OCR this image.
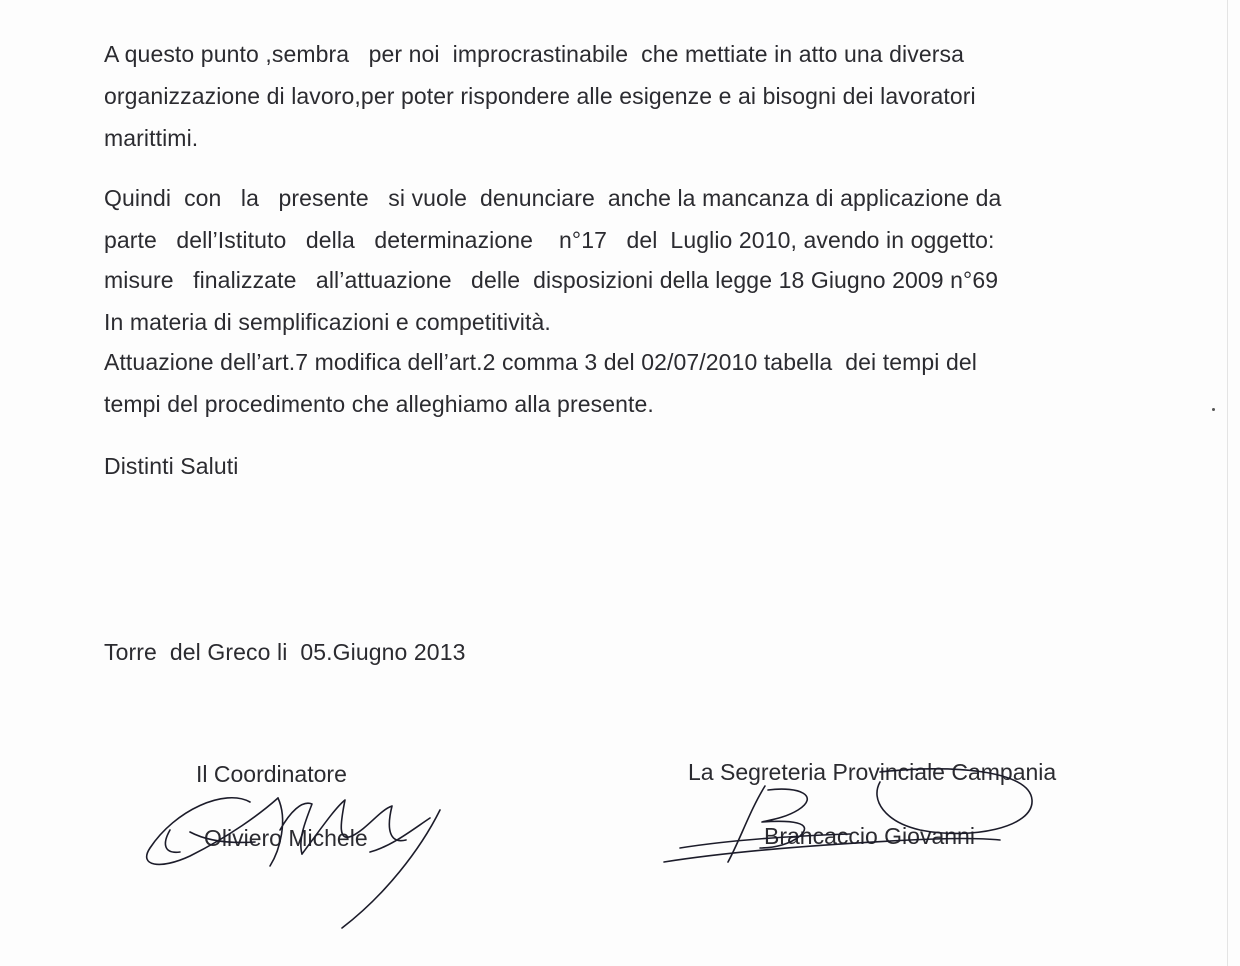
A questo punto ,sembra   per noi  improcrastinabile  che mettiate in atto una diversa
organizzazione di lavoro,per poter rispondere alle esigenze e ai bisogni dei lavoratori
marittimi.
Quindi  con   la   presente   si vuole  denunciare  anche la mancanza di applicazione da
parte   dell’Istituto   della   determinazione    n°17   del  Luglio 2010, avendo in oggetto:
misure   finalizzate   all’attuazione   delle  disposizioni della legge 18 Giugno 2009 n°69
In materia di semplificazioni e competitività.
Attuazione dell’art.7 modifica dell’art.2 comma 3 del 02/07/2010 tabella  dei tempi del
tempi del procedimento che alleghiamo alla presente.
Distinti Saluti
Torre  del Greco li  05.Giugno 2013
Il Coordinatore
Oliviero Michele
La Segreteria Provinciale Campania
Brancaccio Giovanni
